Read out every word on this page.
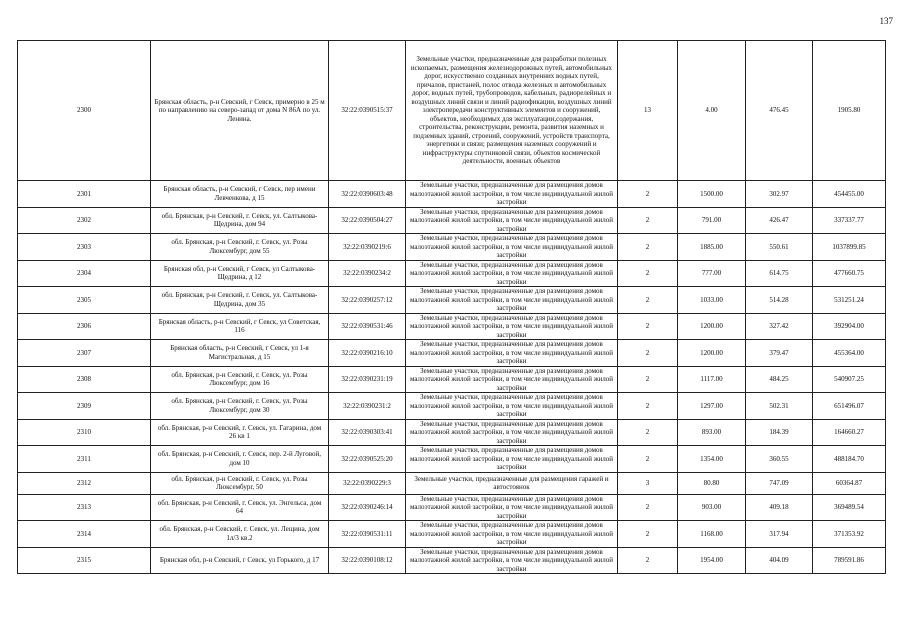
137
2300	Брянская область, р-н Севский, г Севск, примерно в 25 м по направлению на северо-запад от дома N 86А по ул. Ленина.	32:22:0390515:37	Земельные участки, предназначенные для разработки полезных ископаемых, размещения железнодорожных путей, автомобильных дорог, искусственно созданных внутренних водных путей, причалов, пристаней, полос отвода железных и автомобильных дорог, водных путей, трубопроводов, кабельных, радиорелейных и воздушных линий связи и линий радиофикации, воздушных линий электропередачи конструктивных элементов и сооружений, объектов, необходимых для эксплуатации,содержания, строительства, реконструкции, ремонта, развития наземных и подземных зданий, строений, сооружений, устройств транспорта, энергетики и связи; размещения наземных сооружений и инфраструктуры спутниковой связи, объектов космической деятельности, военных объектов	13	4.00	476.45	1905.80
2301	Брянская область, р-н Севский, г Севск, пер имени Левченкова, д 15	32:22:0390603:48	Земельные участки, предназначенные для размещения домов малоэтажной жилой застройки, в том числе индивидуальной жилой застройки	2	1500.00	302.97	454455.00
2302	обл. Брянская, р-н Севский, г. Севск, ул. Салтыкова-Щедрина, дом 94	32:22:0390504:27	Земельные участки, предназначенные для размещения домов малоэтажной жилой застройки, в том числе индивидуальной жилой застройки	2	791.00	426.47	337337.77
2303	обл. Брянская, р-н Севский, г. Севск, ул. Розы Люксембург, дом 55	32:22:0390219:6	Земельные участки, предназначенные для размещения домов малоэтажной жилой застройки, в том числе индивидуальной жилой застройки	2	1885.00	550.61	1037899.85
2304	Брянская обл, р-н Севский, г Севск, ул Салтыкова-Щедрина, д 12	32:22:0390234:2	Земельные участки, предназначенные для размещения домов малоэтажной жилой застройки, в том числе индивидуальной жилой застройки	2	777.00	614.75	477660.75
2305	обл. Брянская, р-н Севский, г. Севск, ул. Салтыкова-Щедрина, дом 35	32:22:0390257:12	Земельные участки, предназначенные для размещения домов малоэтажной жилой застройки, в том числе индивидуальной жилой застройки	2	1033.00	514.28	531251.24
2306	Брянская область, р-н Севский, г Севск, ул Советская, 116	32:22:0390531:46	Земельные участки, предназначенные для размещения домов малоэтажной жилой застройки, в том числе индивидуальной жилой застройки	2	1200.00	327.42	392904.00
2307	Брянская область, р-н Севский, г Севск, ул 1-я Магистральная, д 15	32:22:0390216:10	Земельные участки, предназначенные для размещения домов малоэтажной жилой застройки, в том числе индивидуальной жилой застройки	2	1200.00	379.47	455364.00
2308	обл. Брянская, р-н Севский, г. Севск, ул. Розы Люксембург, дом 16	32:22:0390231:19	Земельные участки, предназначенные для размещения домов малоэтажной жилой застройки, в том числе индивидуальной жилой застройки	2	1117.00	484.25	540907.25
2309	обл. Брянская, р-н Севский, г. Севск, ул. Розы Люксембург, дом 30	32:22:0390231:2	Земельные участки, предназначенные для размещения домов малоэтажной жилой застройки, в том числе индивидуальной жилой застройки	2	1297.00	502.31	651496.07
2310	обл. Брянская, р-н Севский, г. Севск, ул. Гагарина, дом 26 кв 1	32:22:0390303:41	Земельные участки, предназначенные для размещения домов малоэтажной жилой застройки, в том числе индивидуальной жилой застройки	2	893.00	184.39	164660.27
2311	обл. Брянская, р-н Севский, г. Севск, пер. 2-й Луговой, дом 10	32:22:0390525:20	Земельные участки, предназначенные для размещения домов малоэтажной жилой застройки, в том числе индивидуальной жилой застройки	2	1354.00	360.55	488184.70
2312	обл. Брянская, р-н Севский, г. Севск, ул. Розы Люксембург, 50	32:22:0390229:3	Земельные участки, предназначенные для размещения гаражей и автостоянок	3	80.80	747.09	60364.87
2313	обл. Брянская, р-н Севский, г. Севск, ул. Энгельса, дом 64	32:22:0390246:14	Земельные участки, предназначенные для размещения домов малоэтажной жилой застройки, в том числе индивидуальной жилой застройки	2	903.00	409.18	369489.54
2314	обл. Брянская, р-н Севский, г. Севск, ул. Лещина, дом 1л/3 кв.2	32:22:0390531:11	Земельные участки, предназначенные для размещения домов малоэтажной жилой застройки, в том числе индивидуальной жилой застройки	2	1168.00	317.94	371353.92
2315	Брянская обл, р-н Севский, г Севск, ул Горького, д 17	32:22:0390108:12	Земельные участки, предназначенные для размещения домов малоэтажной жилой застройки, в том числе индивидуальной жилой застройки	2	1954.00	404.09	789591.86
